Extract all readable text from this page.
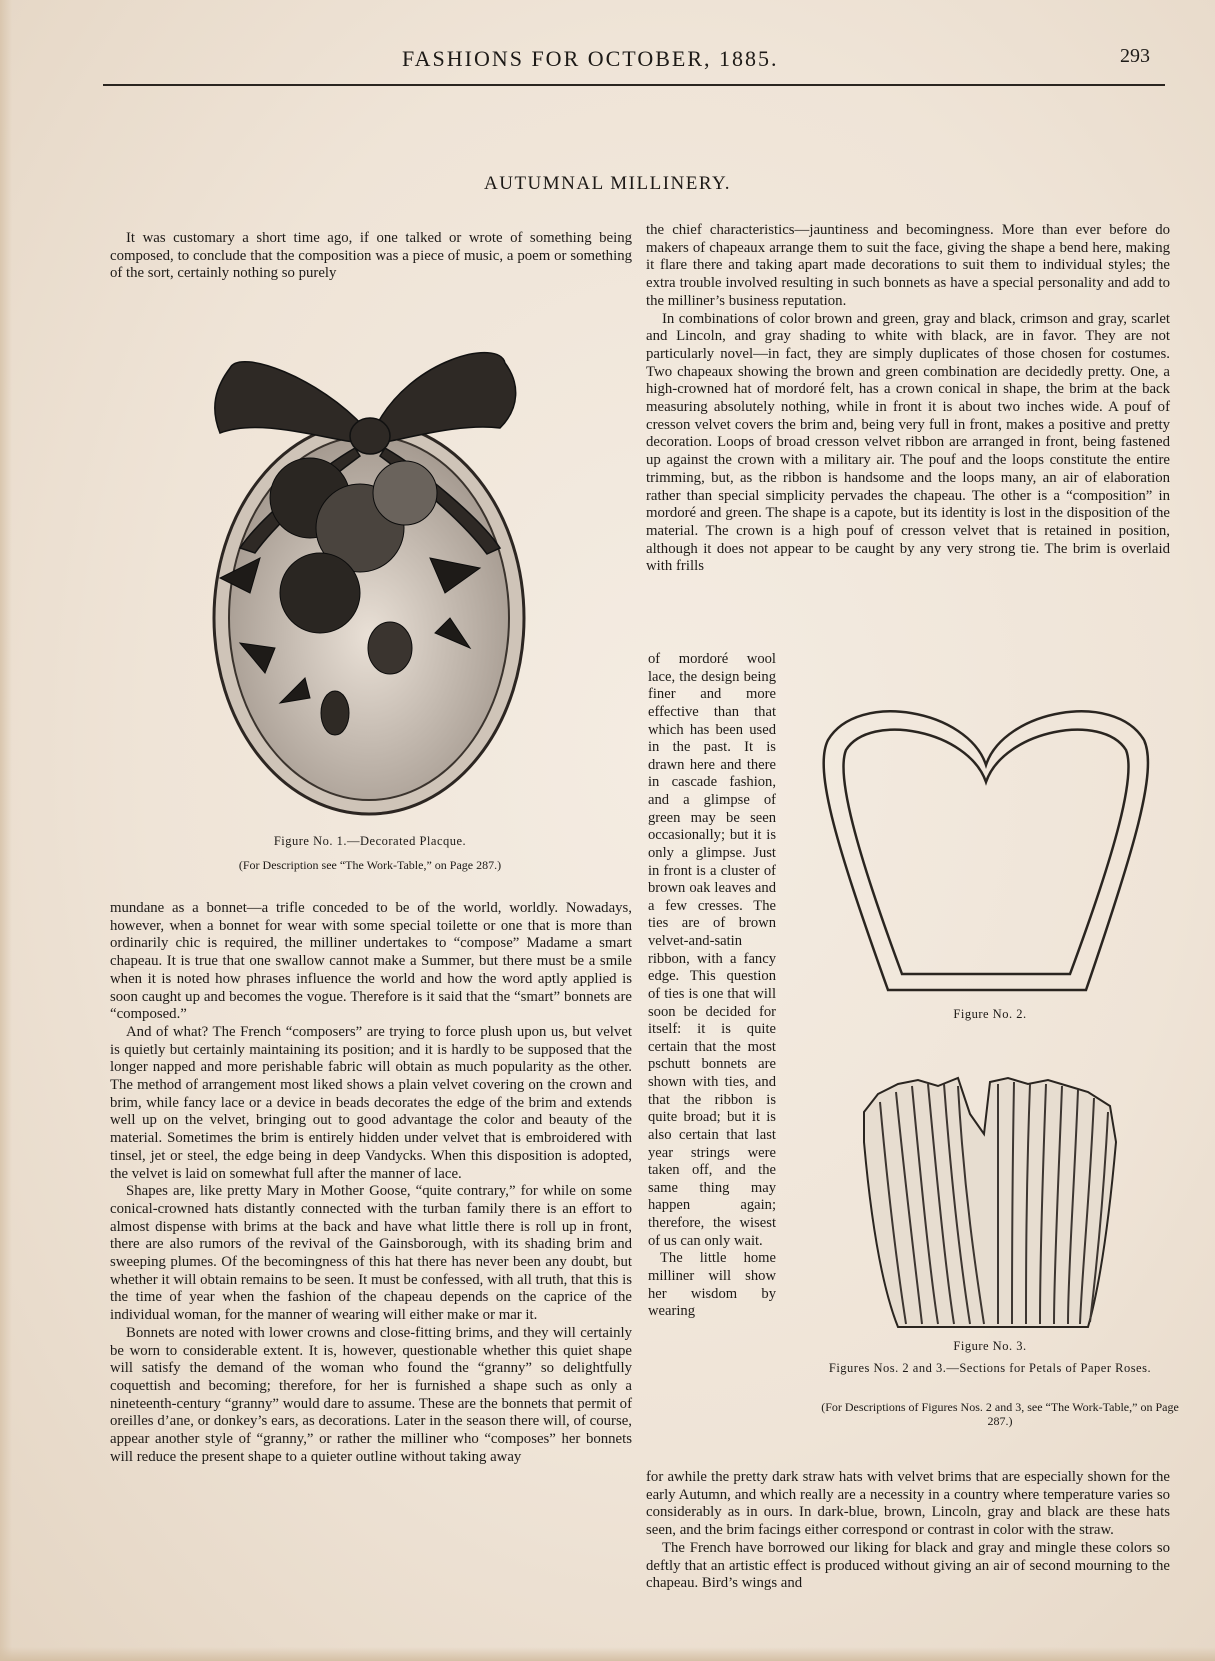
FASHIONS FOR OCTOBER, 1885.	293
AUTUMNAL MILLINERY.

It was customary a short time ago, if one talked or wrote of something being composed, to conclude that the composition was a piece of music, a poem or something of the sort, certainly nothing so purely

Figure No. 1.—Decorated Placque.
(For Description see “The Work-Table,” on Page 287.)

mundane as a bonnet—a trifle conceded to be of the world, worldly. Nowadays, however, when a bonnet for wear with some special toilette or one that is more than ordinarily chic is required, the milliner undertakes to “compose” Madame a smart chapeau. It is true that one swallow cannot make a Summer, but there must be a smile when it is noted how phrases influence the world and how the word aptly applied is soon caught up and becomes the vogue. Therefore is it said that the “smart” bonnets are “composed.”

And of what? The French “composers” are trying to force plush upon us, but velvet is quietly but certainly maintaining its position; and it is hardly to be supposed that the longer napped and more perishable fabric will obtain as much popularity as the other. The method of arrangement most liked shows a plain velvet covering on the crown and brim, while fancy lace or a device in beads decorates the edge of the brim and extends well up on the velvet, bringing out to good advantage the color and beauty of the material. Sometimes the brim is entirely hidden under velvet that is embroidered with tinsel, jet or steel, the edge being in deep Vandycks. When this disposition is adopted, the velvet is laid on somewhat full after the manner of lace.

Shapes are, like pretty Mary in Mother Goose, “quite contrary,” for while on some conical-crowned hats distantly connected with the turban family there is an effort to almost dispense with brims at the back and have what little there is roll up in front, there are also rumors of the revival of the Gainsborough, with its shading brim and sweeping plumes. Of the becomingness of this hat there has never been any doubt, but whether it will obtain remains to be seen. It must be confessed, with all truth, that this is the time of year when the fashion of the chapeau depends on the caprice of the individual woman, for the manner of wearing will either make or mar it.

Bonnets are noted with lower crowns and close-fitting brims, and they will certainly be worn to considerable extent. It is, however, questionable whether this quiet shape will satisfy the demand of the woman who found the “granny” so delightfully coquettish and becoming; therefore, for her is furnished a shape such as only a nineteenth-century “granny” would dare to assume. These are the bonnets that permit of oreilles d’ane, or donkey’s ears, as decorations. Later in the season there will, of course, appear another style of “granny,” or rather the milliner who “composes” her bonnets will reduce the present shape to a quieter outline without taking away

the chief characteristics—jauntiness and becomingness. More than ever before do makers of chapeaux arrange them to suit the face, giving the shape a bend here, making it flare there and taking apart made decorations to suit them to individual styles; the extra trouble involved resulting in such bonnets as have a special personality and add to the milliner’s business reputation.

In combinations of color brown and green, gray and black, crimson and gray, scarlet and Lincoln, and gray shading to white with black, are in favor. They are not particularly novel—in fact, they are simply duplicates of those chosen for costumes. Two chapeaux showing the brown and green combination are decidedly pretty. One, a high-crowned hat of mordoré felt, has a crown conical in shape, the brim at the back measuring absolutely nothing, while in front it is about two inches wide. A pouf of cresson velvet covers the brim and, being very full in front, makes a positive and pretty decoration. Loops of broad cresson velvet ribbon are arranged in front, being fastened up against the crown with a military air. The pouf and the loops constitute the entire trimming, but, as the ribbon is handsome and the loops many, an air of elaboration rather than special simplicity pervades the chapeau. The other is a “composition” in mordoré and green. The shape is a capote, but its identity is lost in the disposition of the material. The crown is a high pouf of cresson velvet that is retained in position, although it does not appear to be caught by any very strong tie. The brim is overlaid with frills

of mordoré wool lace, the design being finer and more effective than that which has been used in the past. It is drawn here and there in cascade fashion, and a glimpse of green may be seen occasionally; but it is only a glimpse. Just in front is a cluster of brown oak leaves and a few cresses. The ties are of brown velvet-and-satin ribbon, with a fancy edge. This question of ties is one that will soon be decided for itself: it is quite certain that the most pschutt bonnets are shown with ties, and that the ribbon is quite broad; but it is also certain that last year strings were taken off, and the same thing may happen again; therefore, the wisest of us can only wait.

The little home milliner will show her wisdom by wearing

Figure No. 2.
Figure No. 3.
Figures Nos. 2 and 3.—Sections for Petals of Paper Roses.
(For Descriptions of Figures Nos. 2 and 3, see “The Work-Table,” on Page 287.)

for awhile the pretty dark straw hats with velvet brims that are especially shown for the early Autumn, and which really are a necessity in a country where temperature varies so considerably as in ours. In dark-blue, brown, Lincoln, gray and black are these hats seen, and the brim facings either correspond or contrast in color with the straw.

The French have borrowed our liking for black and gray and mingle these colors so deftly that an artistic effect is produced without giving an air of second mourning to the chapeau. Bird’s wings and
